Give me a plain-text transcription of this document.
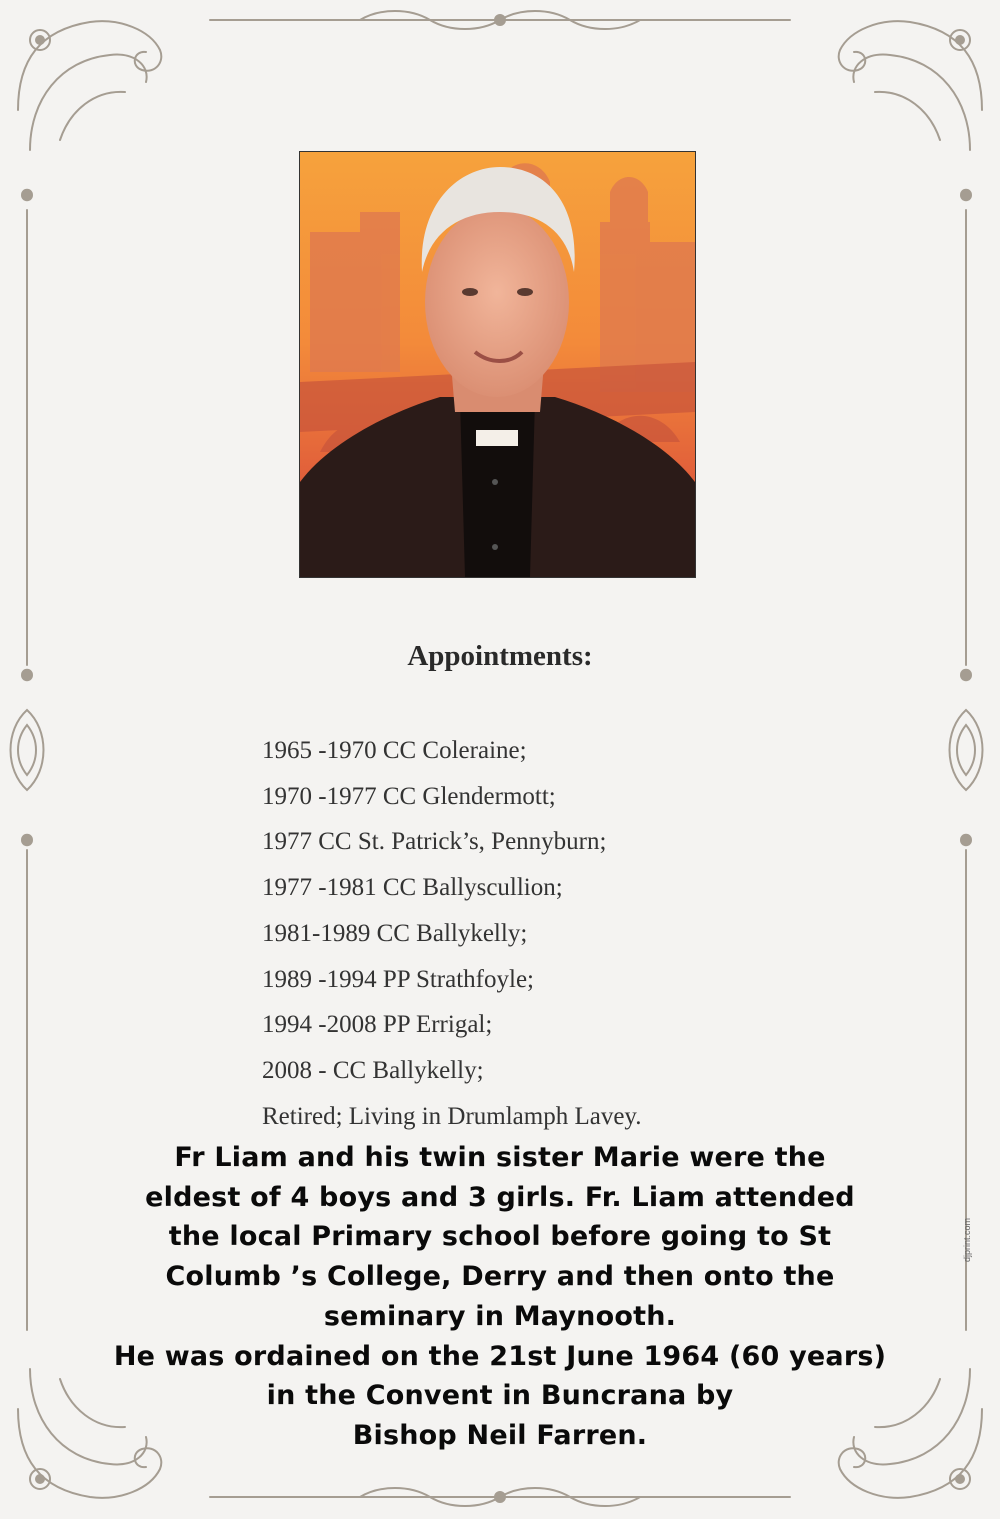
Appointments:
1965 -1970 CC Coleraine;
1970 -1977 CC Glendermott;
1977 CC St. Patrick’s, Pennyburn;
1977 -1981 CC Ballyscullion;
1981-1989 CC Ballykelly;
1989 -1994 PP Strathfoyle;
1994 -2008 PP Errigal;
2008 - CC Ballykelly;
Retired; Living in Drumlamph Lavey.

Fr Liam and his twin sister Marie were the

eldest of 4 boys and 3 girls. Fr. Liam attended

the local Primary school before going to St

Columb ’s College, Derry and then onto the

seminary in Maynooth.

He was ordained on the 21st June 1964 (60 years)

in the Convent in Buncrana by

Bishop Neil Farren.

djprint.com
